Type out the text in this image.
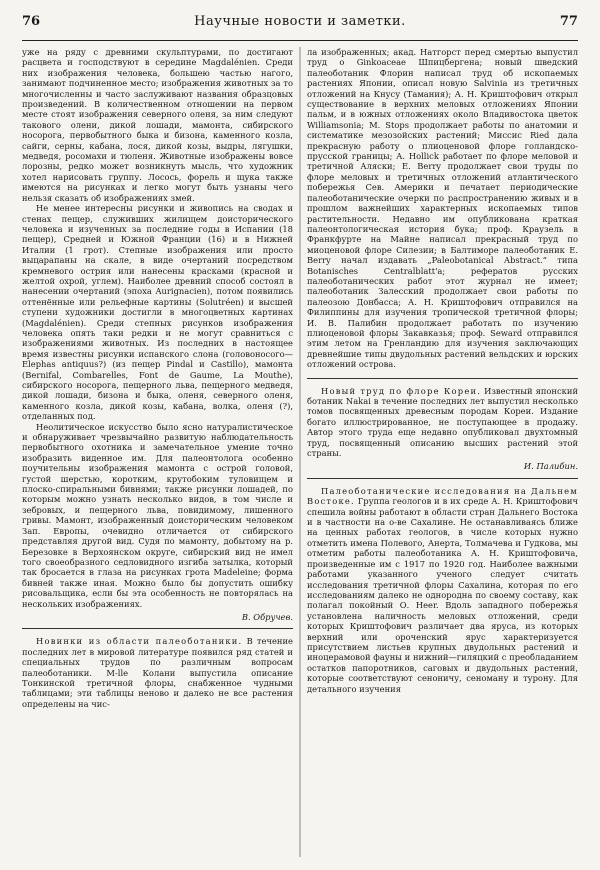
76	Научные новости и заметки.	77

уже на ряду с древними скульптурами, по достигают расцвета и господствуют в середине Magdalénien. Среди них изображения человека, большею частью нагого, занимают подчиненное место; изображения животных за то многочисленны и часто заслуживают названия образцовых произведений. В количественном отношении на первом месте стоят изображения северного оленя, за ним следуют такового олени, дикой лошади, мамонта, сибирского носорога, первобытного быка и бизона, каменного козла, сайги, серны, кабана, лося, дикой козы, выдры, лягушки, медведя, росомахи и тюленя. Животные изображены вовсе лорозны, редко может возникнуть мысль, что художник хотел нарисовать группу. Лосось, форель и щука также имеются на рисунках и легко могут быть узнаны чего нельзя сказать об изображениях змей.

Не менее интересны рисунки и живопись на сводах и стенах пещер, служивших жилищем доисторического человека и изученных за последние годы в Испании (18 пещер), Средней и Южной Франции (16) и в Нижней Италии (1 грот). Степные изображения или просто выцарапаны на скале, в виде очертаний посредством кремневого острия или нанесены красками (красной и желтой охрой, углем). Наиболее древний способ состоял в нанесении очертаний (эпоха Aurignacien), потом появились оттенённые или рельефные картины (Solutréen) и высшей ступени художники достигли в многоцветных картинах (Magdalénien). Среди степных рисунков изображения человека опять таки редки и не могут сравниться с изображениями животных. Из последних в настоящее время известны рисунки испанского слона (головоносого—Elephas antiquus?) (из пещер Pindal и Castillo), мамонта (Bernifal, Combarelles, Font de Gaume, La Mouthe), сибирского носорога, пещерного льва, пещерного медведя, дикой лошади, бизона и быка, оленя, северного оленя, каменного козла, дикой козы, кабана, волка, оленя (?), отделанных под.

Неолитическое искусство было ясно натуралистическое и обнаруживает чрезвычайно развитую наблюдательность первобытного охотника и замечательное умение точно изобразить виденное им. Для палеонтолога особенно поучительны изображения мамонта с острой головой, густой шерстью, коротким, крутобоким туловищем и плоско-спиральными бивнями; также рисунки лошадей, по которым можно узнать несколько видов, в том числе и зебровых, и пещерного льва, повидимому, лишенного гривы. Мамонт, изображенный доисторическим человеком Зап. Европы, очевидно отличается от сибирского представляя другой вид. Судя по мамонту, добытому на р. Березовке в Верхоянском округе, сибирский вид не имел того своеобразного седловидного изгиба затылка, который так бросается в глаза на рисунках грота Madeleine; форма бивней также иная. Можно было бы допустить ошибку рисовальщика, если бы эта особенность не повторялась на нескольких изображениях.

В. Обручев.

Новинки из области палеоботаники. В течение последних лет в мировой литературе появился ряд статей и специальных трудов по различным вопросам палеоботаники. M-lle Колани выпустила описание Тонкинской третичной флоры, снабженное чудными таблицами; эти таблицы неново и далеко не все растения определены на чис-

ла изображенных; акад. Натгорст перед смертью выпустил труд о Ginkoaceae Шпицбергена; новый шведский палеоботаник Флорин написал труд об ископаемых растениях Японии, описал новую Salvinia из третичных отложений на Кнусу (Тамания); А. Н. Криштофович открыл существование в верхних меловых отложениях Японии пальм, и в южных отложениях около Владивостока цветок Williamsonia; M. Stops продолжает работы по анатомии и систематике мезозойских растений; Миссис Ried дала прекрасную работу о плиоценовой флоре голландско-прусской границы; A. Hollick работает по флоре меловой и третичной Аляски; Е. Berry продолжает свои труды по флоре меловых и третичных отложений атлантического побережья Сев. Америки и печатает периодические палеоботанические очерки по распространению живых и в прошлом важнейших характерных ископаемых типов растительности. Недавно им опубликована краткая палеонтологическая история бука; проф. Краузель в Франкфурте на Майне написал прекрасный труд по миоценовой флоре Силезии; в Балтиморе палеоботаник Е. Berry начал издавать „Paleobotanical Abstract.“ типа Botanisches Centralblatt'а; рефератов русских палеоботанических работ этот журнал не имеет; палеоботаник Залесский продолжает свои работы по палеозою Донбасса; А. Н. Криштофович отправился на Филиппины для изучения тропической третичной флоры; И. В. Палибин продолжает работать по изучению плиоценовой флоры Закавказья; проф. Seward отправился этим летом на Гренландию для изучения заключающих древнейшие типы двудольных растений вельдских и юрских отложений острова.

Новый труд по флоре Кореи. Известный японский ботаник Nakai в течение последних лет выпустил несколько томов посвященных древесным породам Кореи. Издание богато иллюстрированное, не поступающее в продажу. Автор этого труда еще недавно опубликовал двухтомный труд, посвященный описанию высших растений этой страны.

И. Палибин.

Палеоботанические исследования на Дальнем Востоке. Группа геологов и в их среде А. Н. Криштофович спешила войны работают в области стран Дальнего Востока и в частности на о-ве Сахалине. Не останавливаясь ближе на ценных работах геологов, в числе которых нужно отметить имена Полевого, Анерта, Толмачева и Гудкова, мы отметим работы палеоботаника А. Н. Криштофовича, произведенные им с 1917 по 1920 год. Наиболее важными работами указанного ученого следует считать исследования третичной флоры Сахалина, которая по его исследованиям далеко не однородна по своему составу, как полагал покойный О. Heer. Вдоль западного побережья установлена наличность меловых отложений, среди которых Криштофович различает два яруса, из которых верхний или ороченский ярус характеризуется присутствием листьев крупных двудольных растений и иноцерамовой фауны и нижний—гиляцкий с преобладанием остатков папоротников, саговых и двудольных растений, которые соответствуют сеноничу, сеноману и турону. Для детального изучения
